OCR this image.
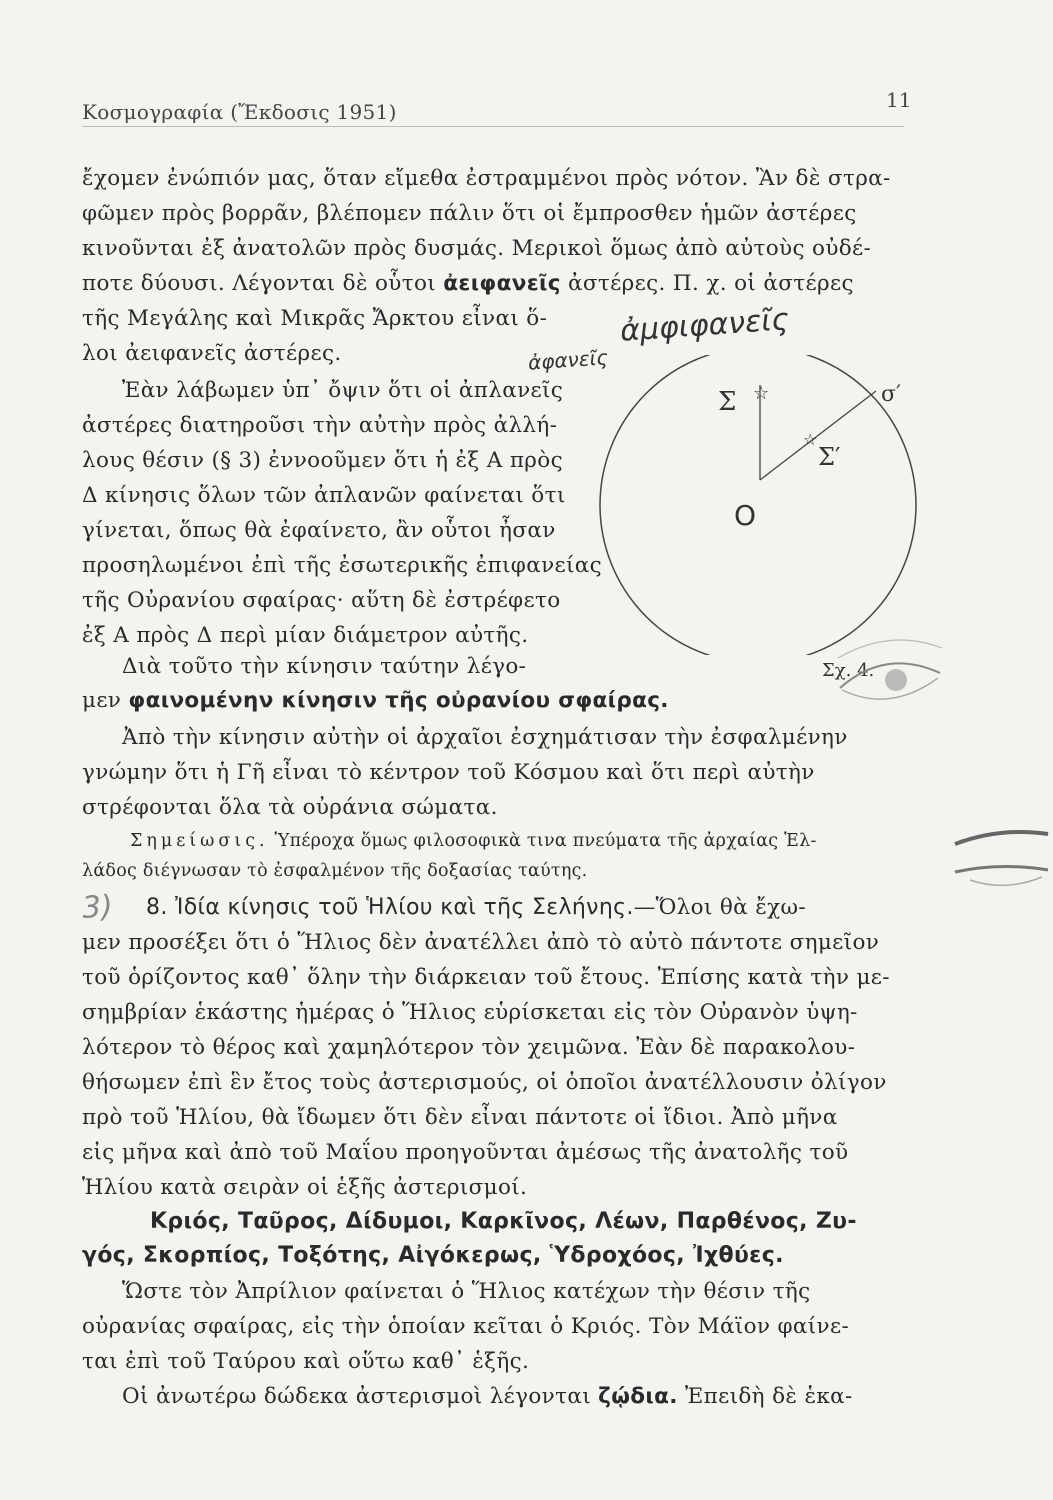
Κοσμογραφία (Ἔκδοσις 1951)	11
ἔχομεν ἐνώπιόν μας, ὅταν εἴμεθα ἐστραμμένοι πρὸς νότον. Ἂν δὲ στρα-
φῶμεν πρὸς βορρᾶν, βλέπομεν πάλιν ὅτι οἱ ἔμπροσθεν ἡμῶν ἀστέρες
κινοῦνται ἐξ ἀνατολῶν πρὸς δυσμάς. Μερικοὶ ὅμως ἀπὸ αὐτοὺς οὐδέ-
ποτε δύουσι. Λέγονται δὲ οὗτοι ἀειφανεῖς ἀστέρες. Π. χ. οἱ ἀστέρες
τῆς Μεγάλης καὶ Μικρᾶς Ἄρκτου εἶναι ὅ-
λοι ἀειφανεῖς ἀστέρες.
ἀμφιφανεῖς
ἀφανεῖς
Ἐὰν λάβωμεν ὑπ᾽ ὄψιν ὅτι οἱ ἀπλανεῖς
ἀστέρες διατηροῦσι τὴν αὐτὴν πρὸς ἀλλή-
λους θέσιν (§ 3) ἐννοοῦμεν ὅτι ἡ ἐξ Α πρὸς
Δ κίνησις ὅλων τῶν ἀπλανῶν φαίνεται ὅτι
γίνεται, ὅπως θὰ ἐφαίνετο, ἂν οὗτοι ἦσαν
προσηλωμένοι ἐπὶ τῆς ἐσωτερικῆς ἐπιφανείας
τῆς Οὐρανίου σφαίρας· αὕτη δὲ ἐστρέφετο
ἐξ Α πρὸς Δ περὶ μίαν διάμετρον αὐτῆς.
Διὰ τοῦτο τὴν κίνησιν ταύτην λέγο-
μεν φαινομένην κίνησιν τῆς οὐρανίου σφαίρας.
Ἀπὸ τὴν κίνησιν αὐτὴν οἱ ἀρχαῖοι ἐσχημάτισαν τὴν ἐσφαλμένην
γνώμην ὅτι ἡ Γῆ εἶναι τὸ κέντρον τοῦ Κόσμου καὶ ὅτι περὶ αὐτὴν
στρέφονται ὅλα τὰ οὐράνια σώματα.
Σημείωσις. Ὑπέροχα ὅμως φιλοσοφικὰ τινα πνεύματα τῆς ἀρχαίας Ἑλ-
λάδος διέγνωσαν τὸ ἐσφαλμένον τῆς δοξασίας ταύτης.
3) 8. Ἰδία κίνησις τοῦ Ἡλίου καὶ τῆς Σελήνης.—Ὅλοι θὰ ἔχω-
μεν προσέξει ὅτι ὁ Ἥλιος δὲν ἀνατέλλει ἀπὸ τὸ αὐτὸ πάντοτε σημεῖον
τοῦ ὁρίζοντος καθ᾽ ὅλην τὴν διάρκειαν τοῦ ἔτους. Ἐπίσης κατὰ τὴν με-
σημβρίαν ἑκάστης ἡμέρας ὁ Ἥλιος εὑρίσκεται εἰς τὸν Οὐρανὸν ὑψη-
λότερον τὸ θέρος καὶ χαμηλότερον τὸν χειμῶνα. Ἐὰν δὲ παρακολου-
θήσωμεν ἐπὶ ἓν ἔτος τοὺς ἀστερισμούς, οἱ ὁποῖοι ἀνατέλλουσιν ὀλίγον
πρὸ τοῦ Ἡλίου, θὰ ἴδωμεν ὅτι δὲν εἶναι πάντοτε οἱ ἴδιοι. Ἀπὸ μῆνα
εἰς μῆνα καὶ ἀπὸ τοῦ Μαΐου προηγοῦνται ἀμέσως τῆς ἀνατολῆς τοῦ
Ἡλίου κατὰ σειρὰν οἱ ἑξῆς ἀστερισμοί.
Κριός, Ταῦρος, Δίδυμοι, Καρκῖνος, Λέων, Παρθένος, Ζυ-
γός, Σκορπίος, Τοξότης, Αἰγόκερως, Ὑδροχόος, Ἰχθύες.
Ὥστε τὸν Ἀπρίλιον φαίνεται ὁ Ἥλιος κατέχων τὴν θέσιν τῆς
οὐρανίας σφαίρας, εἰς τὴν ὁποίαν κεῖται ὁ Κριός. Τὸν Μάϊον φαίνε-
ται ἐπὶ τοῦ Ταύρου καὶ οὕτω καθ᾽ ἑξῆς.
Οἱ ἀνωτέρω δώδεκα ἀστερισμοὶ λέγονται ζῴδια. Ἐπειδὴ δὲ ἑκα-
☆
☆
Σ
Σ′
Ο
σ′
Σχ. 4.
